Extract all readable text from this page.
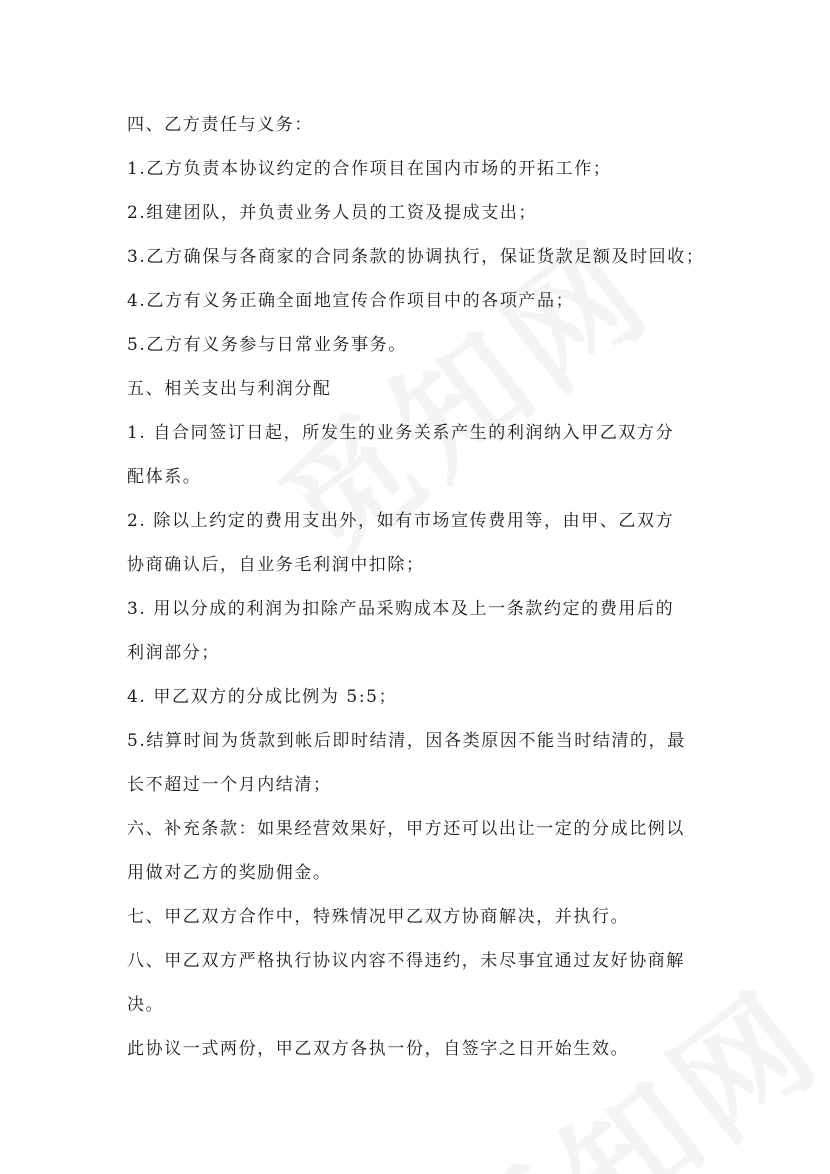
四、乙方责任与义务：
1.乙方负责本协议约定的合作项目在国内市场的开拓工作；
2.组建团队，并负责业务人员的工资及提成支出；
3.乙方确保与各商家的合同条款的协调执行，保证货款足额及时回收；
4.乙方有义务正确全面地宣传合作项目中的各项产品；
5.乙方有义务参与日常业务事务。
五、相关支出与利润分配
1. 自合同签订日起，所发生的业务关系产生的利润纳入甲乙双方分
配体系。
2. 除以上约定的费用支出外，如有市场宣传费用等，由甲、乙双方
协商确认后，自业务毛利润中扣除；
3. 用以分成的利润为扣除产品采购成本及上一条款约定的费用后的
利润部分；
4. 甲乙双方的分成比例为 5:5；
5.结算时间为货款到帐后即时结清，因各类原因不能当时结清的，最
长不超过一个月内结清；
六、补充条款：如果经营效果好，甲方还可以出让一定的分成比例以
用做对乙方的奖励佣金。
七、甲乙双方合作中，特殊情况甲乙双方协商解决，并执行。
八、甲乙双方严格执行协议内容不得违约，未尽事宜通过友好协商解
决。
此协议一式两份，甲乙双方各执一份，自签字之日开始生效。
